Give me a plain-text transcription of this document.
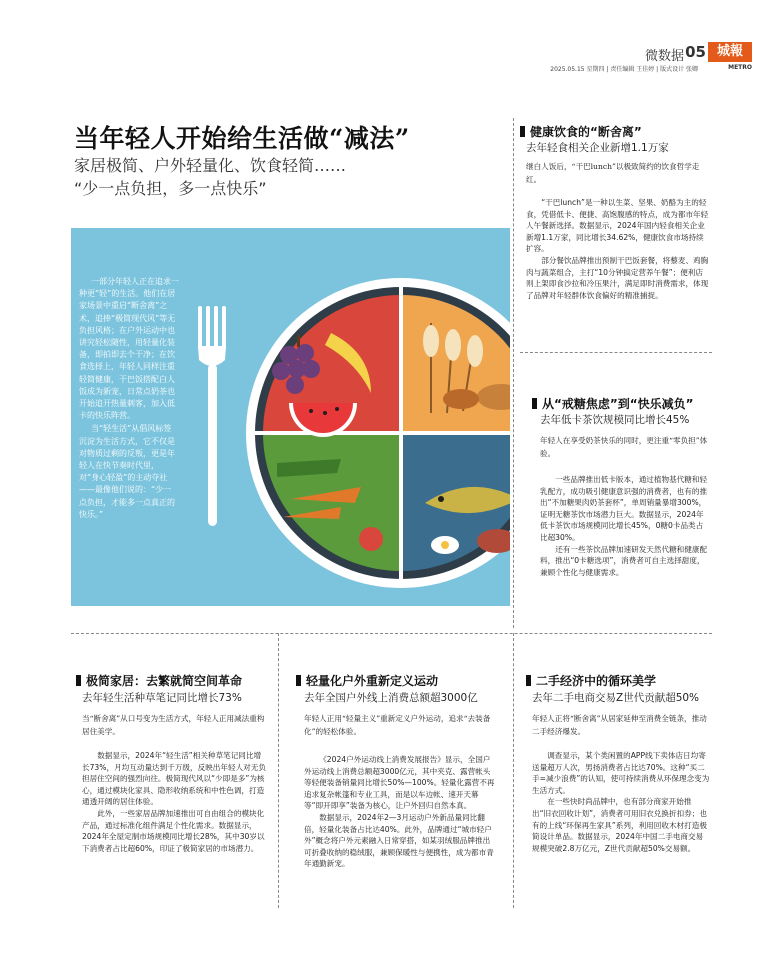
微数据 05 城報
2025.05.15 星期四 | 责任编辑 王佳婷 | 版式设计 张卿	METRO
当年轻人开始给生活做“减法”
家居极简、户外轻量化、饮食轻简……
“少一点负担，多一点快乐”

一部分年轻人正在追求一种更“轻”的生活。他们在居家场景中重启“断舍离”之术，追捧“极简现代风”等无负担风格；在户外运动中也讲究轻松随性，用轻量化装备，即拍即去个干净；在饮食选择上，年轻人同样注重轻简健康，干巴饭搭配白人饭成为新宠，日常点奶茶也开始追开热量刺客，加入低卡的快乐阵营。

当“轻生活”从倡风标签沉淀为生活方式，它不仅是对物质过剩的反叛，更是年轻人在快节奏时代里，对“身心轻盈”的主动夺社——最像他们说的：“少一点负担，才能多一点真正的快乐。”

健康饮食的“断舍离”
去年轻食相关企业新增1.1万家
继白人饭后，“干巴lunch”以极致简约的饮食哲学走红。

“干巴lunch”是一种以生菜、坚果、奶酪为主的轻食，凭借低卡、便捷、高饱腹感的特点，成为都市年轻人午餐新选择。数据显示，2024年国内轻食相关企业新增1.1万家，同比增长34.62%，健康饮食市场持续扩容。

部分餐饮品牌推出预制干巴饭套餐，将藜麦、鸡胸肉与蔬菜组合，主打“10分钟搞定营养午餐”；便利店则上架即食沙拉和冷压果汁，满足即时消费需求，体现了品牌对年轻群体饮食偏好的精准捕捉。

从“戒糖焦虑”到“快乐减负”
去年低卡茶饮规模同比增长45%
年轻人在享受奶茶快乐的同时，更注重“零负担”体验。

一些品牌推出低卡版本，通过植物基代糖和轻乳配方，成功吸引健康意识强的消费者，也有的推出“不加糖果肉奶茶套杯”，单周销量暴增300%，证明无糖茶饮市场潜力巨大。数据显示，2024年低卡茶饮市场规模同比增长45%，0糖0卡品类占比超30%。

还有一些茶饮品牌加速研发天然代糖和健康配料，推出“0卡糖选项”，消费者可自主选择甜度，兼顾个性化与健康需求。

极简家居：去繁就简空间革命
去年轻生活种草笔记同比增长73%
当“断舍离”从口号变为生活方式，年轻人正用减法重构居住美学。

数据显示，2024年“轻生活”相关种草笔记同比增长73%，月均互动量达到千万级，反映出年轻人对无负担居住空间的强烈向往。极简现代风以“少即是多”为核心，通过模块化家具、隐形收纳系统和中性色调，打造通透开阔的居住体验。

此外，一些家居品牌加速推出可自由组合的模块化产品，通过标准化组件满足个性化需求。数据显示，2024年全屋定制市场规模同比增长28%，其中30岁以下消费者占比超60%，印证了极简家居的市场潜力。

轻量化户外重新定义运动
去年全国户外线上消费总额超3000亿
年轻人正用“轻量主义”重新定义户外运动，追求“去装备化”的轻松体验。

《2024户外运动线上消费发展报告》显示，全国户外运动线上消费总额超3000亿元，其中夹克、露营帐头等轻便装备销量同比增长50%—100%。轻量化露营不再追求复杂帐篷和专业工具，而是以车边帐、速开天幕等“即开即享”装备为核心，让户外回归自然本真。

数据显示，2024年2—3月运动户外新品量同比翻倍，轻量化装备占比达40%。此外，品牌通过“城市轻户外”概念将户外元素融入日常穿搭，如某羽绒服品牌推出可折叠收纳的稳绒服，兼顾保暖性与便携性，成为都市青年通勤新宠。

二手经济中的循环美学
去年二手电商交易Z世代贡献超50%
年轻人正将“断舍离”从居家延伸至消费全链条，推动二手经济爆发。

调查显示，某个类闲置的APP线下卖体店日均寄送量超万人次，男扬消费者占比达70%。这种“买二手=减少浪费”的认知，使可持续消费从环保理念变为生活方式。

在一些快时尚品牌中，也有部分商家开始推出“旧衣回收计划”，消费者可用旧衣兑换折扣券；也有的上线“环保再生家具”系列，利用回收木材打造极简设计单品。数据显示，2024年中国二手电商交易规模突破2.8万亿元，Z世代贡献超50%交易额。
